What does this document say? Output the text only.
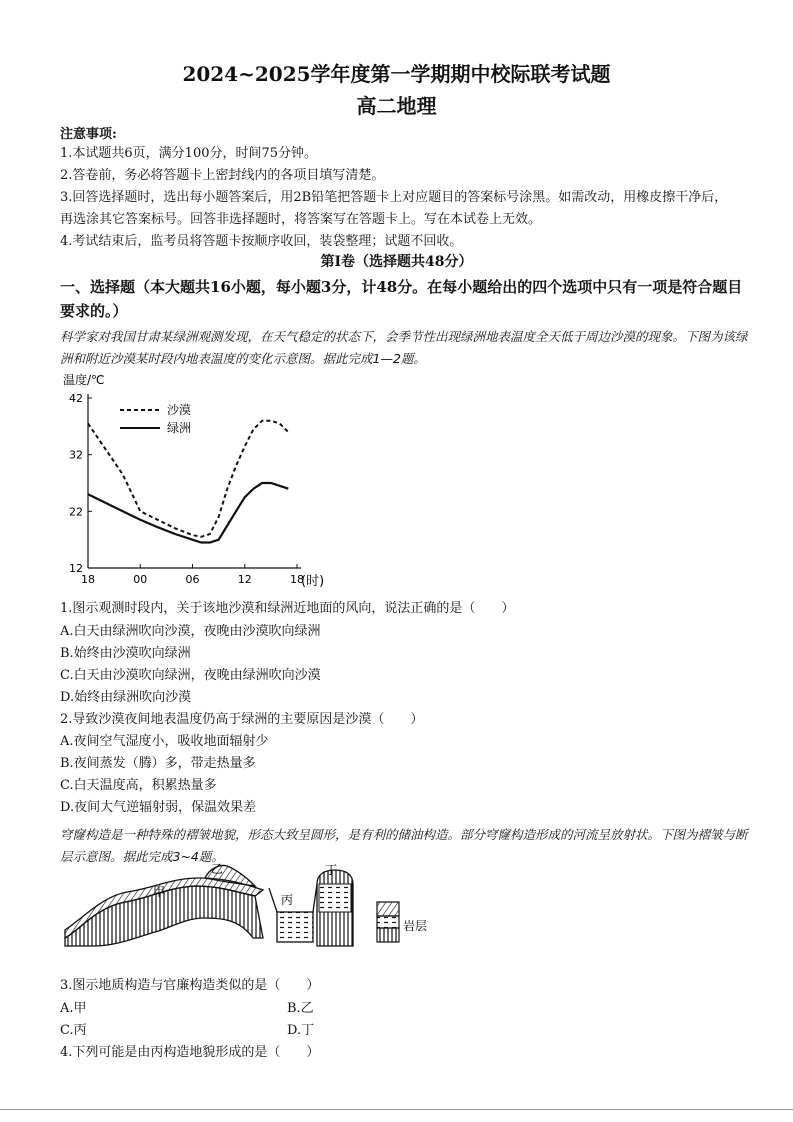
2024~2025学年度第一学期期中校际联考试题
高二地理
注意事项:

1.本试题共6页，满分100分，时间75分钟。

2.答卷前，务必将答题卡上密封线内的各项目填写清楚。

3.回答选择题时，选出每小题答案后，用2B铅笔把答题卡上对应题目的答案标号涂黑。如需改动，用橡皮擦干净后，再选涂其它答案标号。回答非选择题时，将答案写在答题卡上。写在本试卷上无效。

4.考试结束后，监考员将答题卡按顺序收回，装袋整理；试题不回收。

第Ⅰ卷（选择题共48分）
一、选择题（本大题共16小题，每小题3分，计48分。在每小题给出的四个选项中只有一项是符合题目要求的。）
科学家对我国甘肃某绿洲观测发现，在天气稳定的状态下，会季节性出现绿洲地表温度全天低于周边沙漠的现象。下图为该绿洲和附近沙漠某时段内地表温度的变化示意图。据此完成1—2题。
温度/℃
12
22
32
42
18	00	06	12	18
沙漠
绿洲
(时)
1.图示观测时段内，关于该地沙漠和绿洲近地面的风向，说法正确的是（　　）
A.白天由绿洲吹向沙漠，夜晚由沙漠吹向绿洲
B.始终由沙漠吹向绿洲
C.白天由沙漠吹向绿洲，夜晚由绿洲吹向沙漠
D.始终由绿洲吹向沙漠
2.导致沙漠夜间地表温度仍高于绿洲的主要原因是沙漠（　　）
A.夜间空气湿度小，吸收地面辐射少
B.夜间蒸发（腾）多，带走热量多
C.白天温度高，积累热量多
D.夜间大气逆辐射弱，保温效果差
穹窿构造是一种特殊的褶皱地貌，形态大致呈圆形，是有利的储油构造。部分穹窿构造形成的河流呈放射状。下图为褶皱与断层示意图。据此完成3~4题。
甲
乙
丙
丁
岩层
3.图示地质构造与官廉构造类似的是（　　）
A.甲	B.乙
C.丙	D.丁
4.下列可能是由丙构造地貌形成的是（　　）
